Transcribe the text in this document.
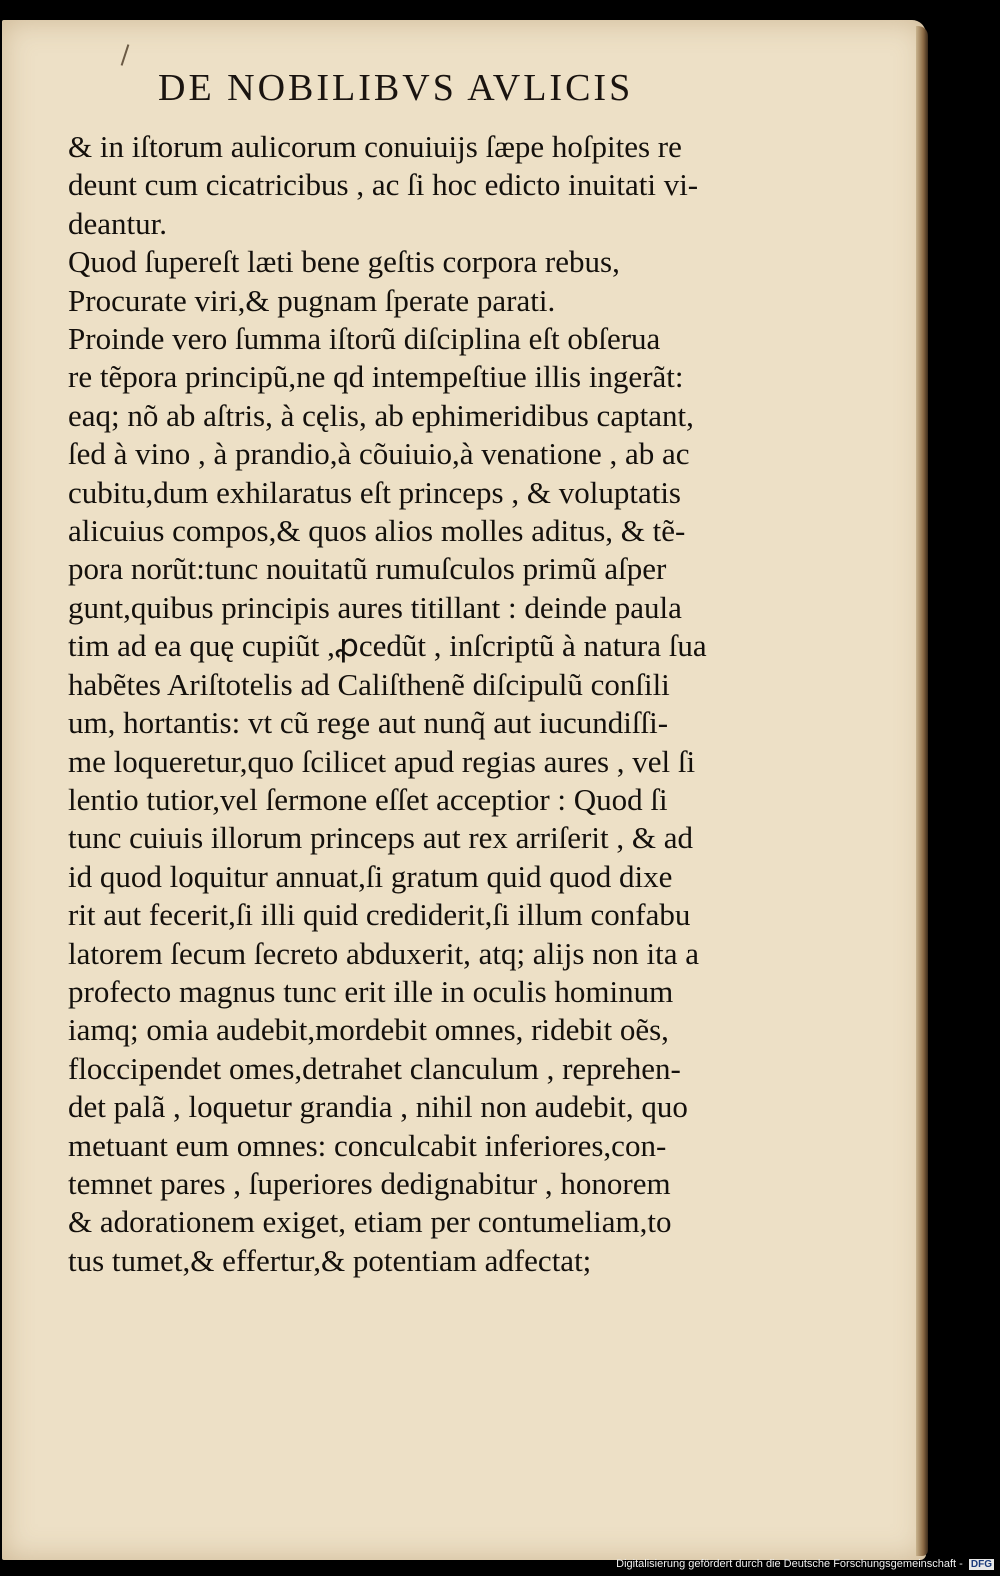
DE NOBILIBVS AVLICIS
& in iſtorum aulicorum conuiuijs ſæpe hoſpites re
deunt cum cicatricibus , ac ſi hoc edicto inuitati vi-
deantur.
Quod ſupereſt læti bene geſtis corpora rebus,
Procurate viri,& pugnam ſperate parati.
Proinde vero ſumma iſtorũ diſciplina eſt obſerua
re tẽpora principũ,ne qd intempeſtiue illis ingerãt:
eaq; nõ ab aſtris, à cęlis, ab ephimeridibus captant,
ſed à vino , à prandio,à cõuiuio,à venatione , ab ac
cubitu,dum exhilaratus eſt princeps , & voluptatis
alicuius compos,& quos alios molles aditus, & tẽ-
pora norũt:tunc nouitatũ rumuſculos primũ aſper
gunt,quibus principis aures titillant : deinde paula
tim ad ea quę cupiũt ,ꝓcedũt , inſcriptũ à natura ſua
habẽtes Ariſtotelis ad Caliſthenẽ diſcipulũ conſili
um, hortantis: vt cũ rege aut nunq̃ aut iucundiſſi-
me loqueretur,quo ſcilicet apud regias aures , vel ſi
lentio tutior,vel ſermone eſſet acceptior : Quod ſi
tunc cuiuis illorum princeps aut rex arriſerit , & ad
id quod loquitur annuat,ſi gratum quid quod dixe
rit aut fecerit,ſi illi quid crediderit,ſi illum confabu
latorem ſecum ſecreto abduxerit, atq; alijs non ita a
profecto magnus tunc erit ille in oculis hominum
iamq; omia audebit,mordebit omnes, ridebit oẽs,
floccipendet omes,detrahet clanculum , reprehen-
det palã , loquetur grandia , nihil non audebit, quo
metuant eum omnes: conculcabit inferiores,con-
temnet pares , ſuperiores dedignabitur , honorem
& adorationem exiget, etiam per contumeliam,to
tus tumet,& effertur,& potentiam adfectat;
Digitalisierung gefördert durch die Deutsche Forschungsgemeinschaft - DFG
